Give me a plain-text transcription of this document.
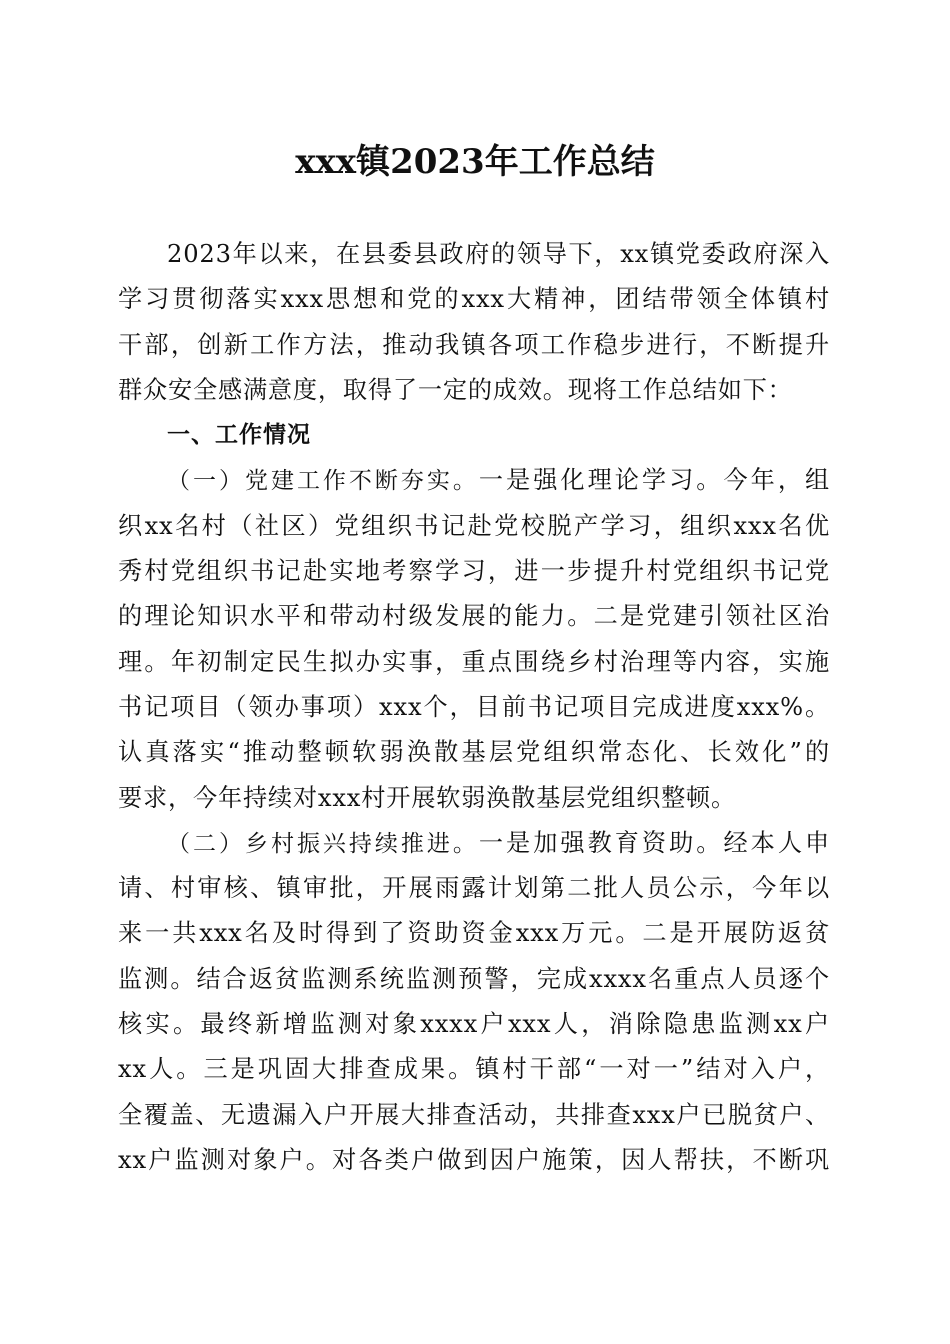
xxx镇2023年工作总结
2023年以来，在县委县政府的领导下，xx镇党委政府深入
学习贯彻落实xxx思想和党的xxx大精神，团结带领全体镇村
干部，创新工作方法，推动我镇各项工作稳步进行，不断提升
群众安全感满意度，取得了一定的成效。现将工作总结如下：
一、工作情况
（一）党建工作不断夯实。一是强化理论学习。今年，组
织xx名村（社区）党组织书记赴党校脱产学习，组织xxx名优
秀村党组织书记赴实地考察学习，进一步提升村党组织书记党
的理论知识水平和带动村级发展的能力。二是党建引领社区治
理。年初制定民生拟办实事，重点围绕乡村治理等内容，实施
书记项目（领办事项）xxx个，目前书记项目完成进度xxx%。
认真落实“推动整顿软弱涣散基层党组织常态化、长效化”的
要求，今年持续对xxx村开展软弱涣散基层党组织整顿。
（二）乡村振兴持续推进。一是加强教育资助。经本人申
请、村审核、镇审批，开展雨露计划第二批人员公示，今年以
来一共xxx名及时得到了资助资金xxx万元。二是开展防返贫
监测。结合返贫监测系统监测预警，完成xxxx名重点人员逐个
核实。最终新增监测对象xxxx户xxx人，消除隐患监测xx户
xx人。三是巩固大排查成果。镇村干部“一对一”结对入户，
全覆盖、无遗漏入户开展大排查活动，共排查xxx户已脱贫户、
xx户监测对象户。对各类户做到因户施策，因人帮扶，不断巩
